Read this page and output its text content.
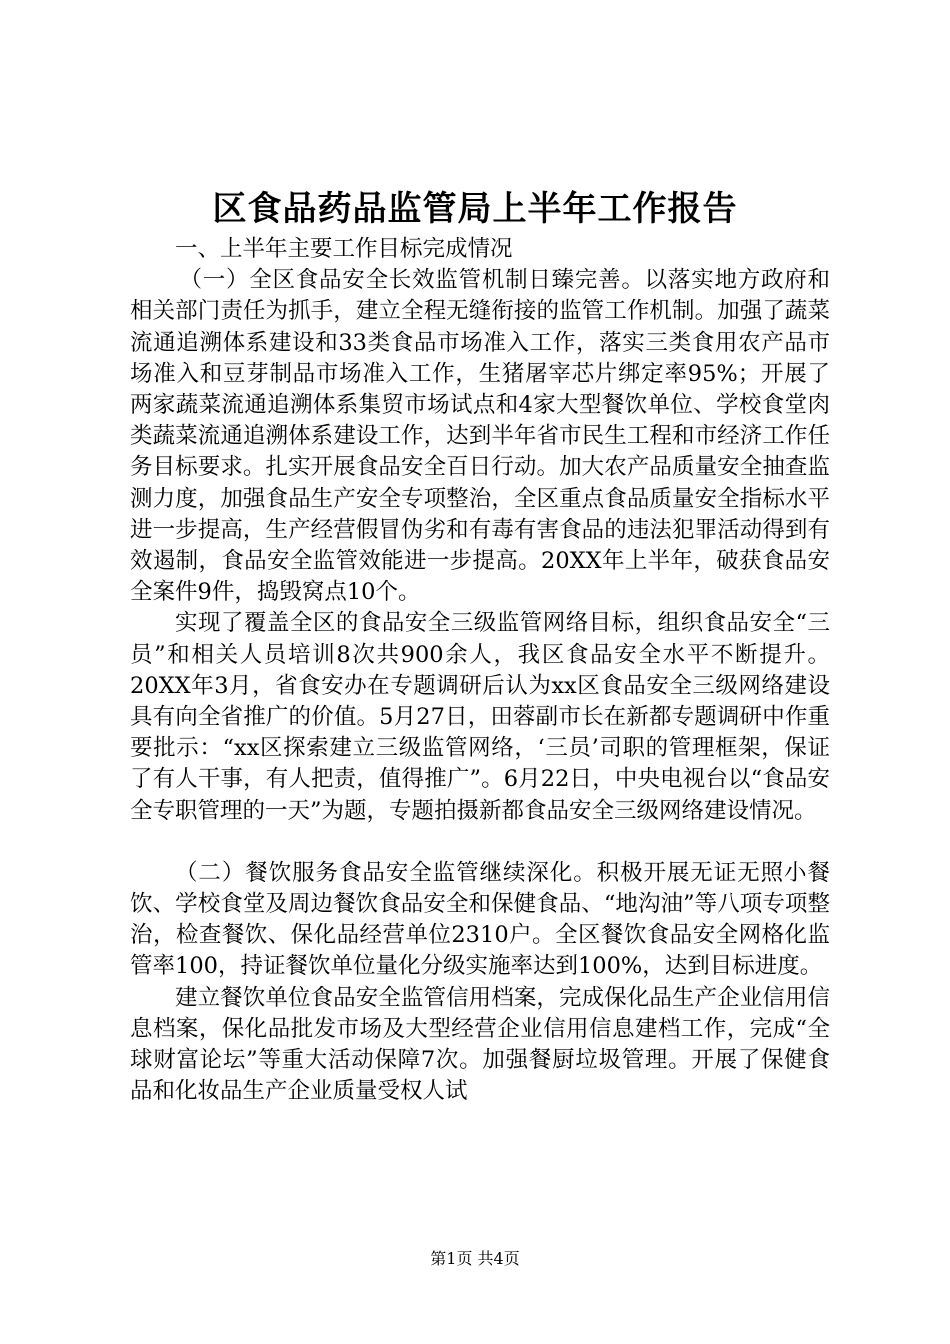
区食品药品监管局上半年工作报告

一、上半年主要工作目标完成情况

（一）全区食品安全长效监管机制日臻完善。以落实地方政府和相关部门责任为抓手，建立全程无缝衔接的监管工作机制。加强了蔬菜流通追溯体系建设和33类食品市场准入工作，落实三类食用农产品市场准入和豆芽制品市场准入工作，生猪屠宰芯片绑定率95%；开展了两家蔬菜流通追溯体系集贸市场试点和4家大型餐饮单位、学校食堂肉类蔬菜流通追溯体系建设工作，达到半年省市民生工程和市经济工作任务目标要求。扎实开展食品安全百日行动。加大农产品质量安全抽查监测力度，加强食品生产安全专项整治，全区重点食品质量安全指标水平进一步提高，生产经营假冒伪劣和有毒有害食品的违法犯罪活动得到有效遏制，食品安全监管效能进一步提高。20XX年上半年，破获食品安全案件9件，捣毁窝点10个。

实现了覆盖全区的食品安全三级监管网络目标，组织食品安全“三员”和相关人员培训8次共900余人，我区食品安全水平不断提升。20XX年3月，省食安办在专题调研后认为xx区食品安全三级网络建设具有向全省推广的价值。5月27日，田蓉副市长在新都专题调研中作重要批示：“xx区探索建立三级监管网络，‘三员’司职的管理框架，保证了有人干事，有人把责，值得推广”。6月22日，中央电视台以“食品安全专职管理的一天”为题，专题拍摄新都食品安全三级网络建设情况。

（二）餐饮服务食品安全监管继续深化。积极开展无证无照小餐饮、学校食堂及周边餐饮食品安全和保健食品、“地沟油”等八项专项整治，检查餐饮、保化品经营单位2310户。全区餐饮食品安全网格化监管率100，持证餐饮单位量化分级实施率达到100%，达到目标进度。

建立餐饮单位食品安全监管信用档案，完成保化品生产企业信用信息档案，保化品批发市场及大型经营企业信用信息建档工作，完成“全球财富论坛”等重大活动保障7次。加强餐厨垃圾管理。开展了保健食品和化妆品生产企业质量受权人试

第1页 共4页
